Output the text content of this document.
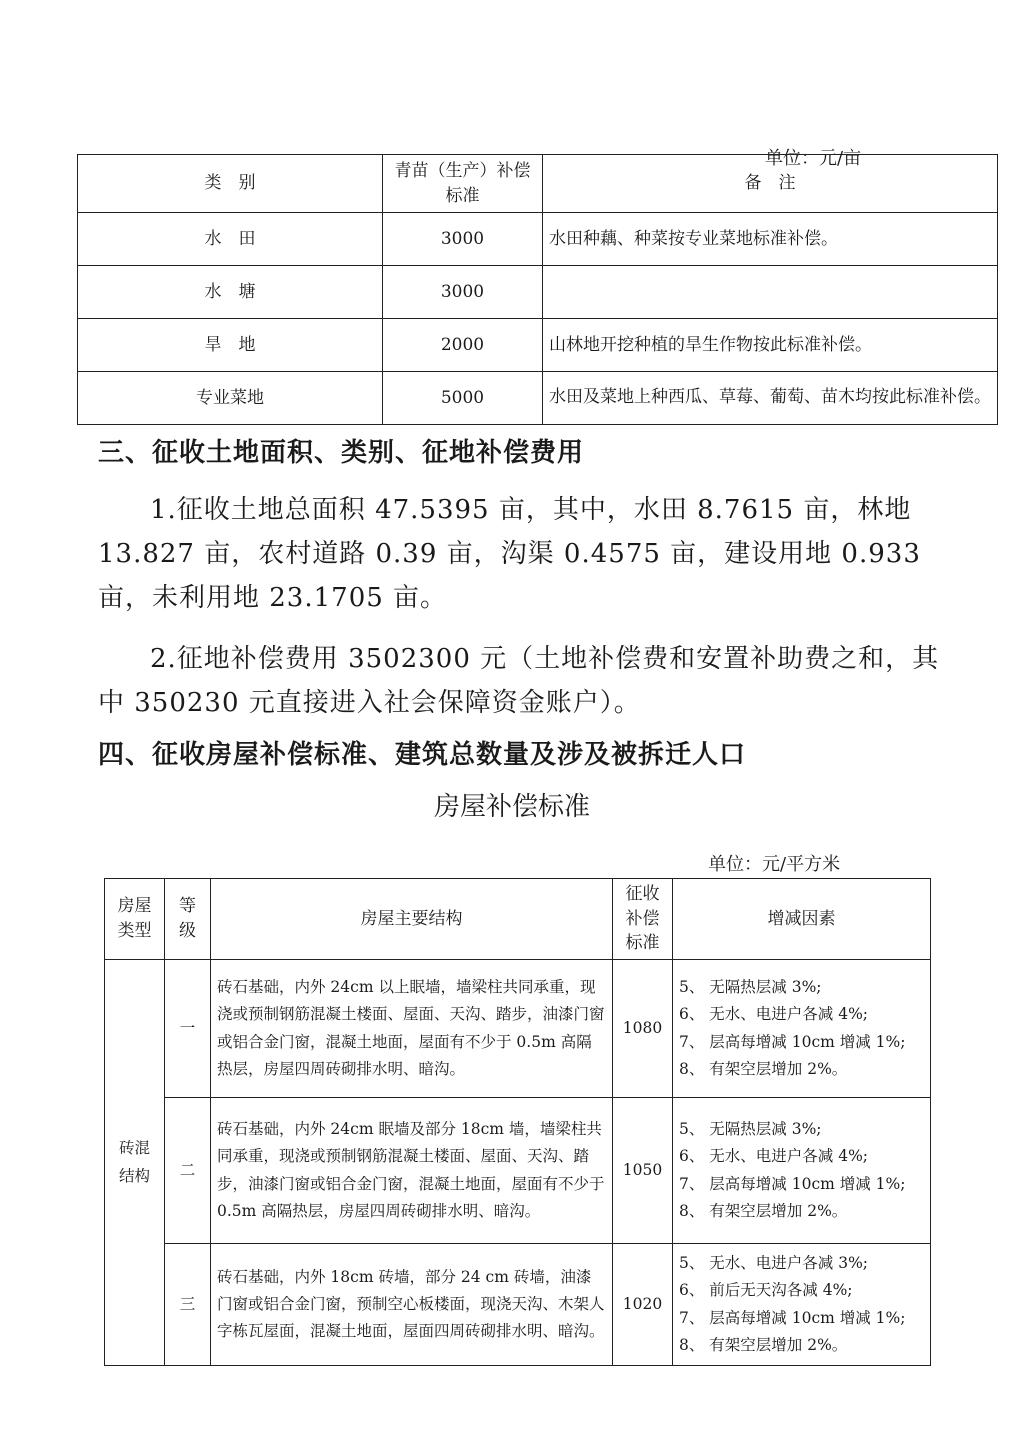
单位：元/亩
类　别	青苗（生产）补偿标准	备　注
水　田	3000	水田种藕、种菜按专业菜地标准补偿。
水　塘	3000	
旱　地	2000	山林地开挖种植的旱生作物按此标准补偿。
专业菜地	5000	水田及菜地上种西瓜、草莓、葡萄、苗木均按此标准补偿。
三、征收土地面积、类别、征地补偿费用
1.征收土地总面积 47.5395 亩，其中，水田 8.7615 亩，林地 13.827 亩，农村道路 0.39 亩，沟渠 0.4575 亩，建设用地 0.933 亩，未利用地 23.1705 亩。
2.征地补偿费用 3502300 元（土地补偿费和安置补助费之和，其中 350230 元直接进入社会保障资金账户）。
四、征收房屋补偿标准、建筑总数量及涉及被拆迁人口
房屋补偿标准
单位：元/平方米
房屋类型	等级	房屋主要结构	征收补偿标准	增减因素
砖混结构	一	砖石基础，内外 24cm 以上眠墙，墙梁柱共同承重，现浇或预制钢筋混凝土楼面、屋面、天沟、踏步，油漆门窗或铝合金门窗，混凝土地面，屋面有不少于 0.5m 高隔热层，房屋四周砖砌排水明、暗沟。	1080	5、 无隔热层减 3%;
6、 无水、电进户各减 4%;
7、 层高每增减 10cm 增减 1%;
8、 有架空层增加 2%。

	二	砖石基础，内外 24cm 眠墙及部分 18cm 墙，墙梁柱共同承重，现浇或预制钢筋混凝土楼面、屋面、天沟、踏步，油漆门窗或铝合金门窗，混凝土地面，屋面有不少于 0.5m 高隔热层，房屋四周砖砌排水明、暗沟。	1050	5、 无隔热层减 3%;
6、 无水、电进户各减 4%;
7、 层高每增减 10cm 增减 1%;
8、 有架空层增加 2%。

	三	砖石基础，内外 18cm 砖墙，部分 24 cm 砖墙，油漆门窗或铝合金门窗，预制空心板楼面，现浇天沟、木架人字栋瓦屋面，混凝土地面，屋面四周砖砌排水明、暗沟。	1020	5、 无水、电进户各减 3%;
6、 前后无天沟各减 4%;
7、 层高每增减 10cm 增减 1%;
8、 有架空层增加 2%。
